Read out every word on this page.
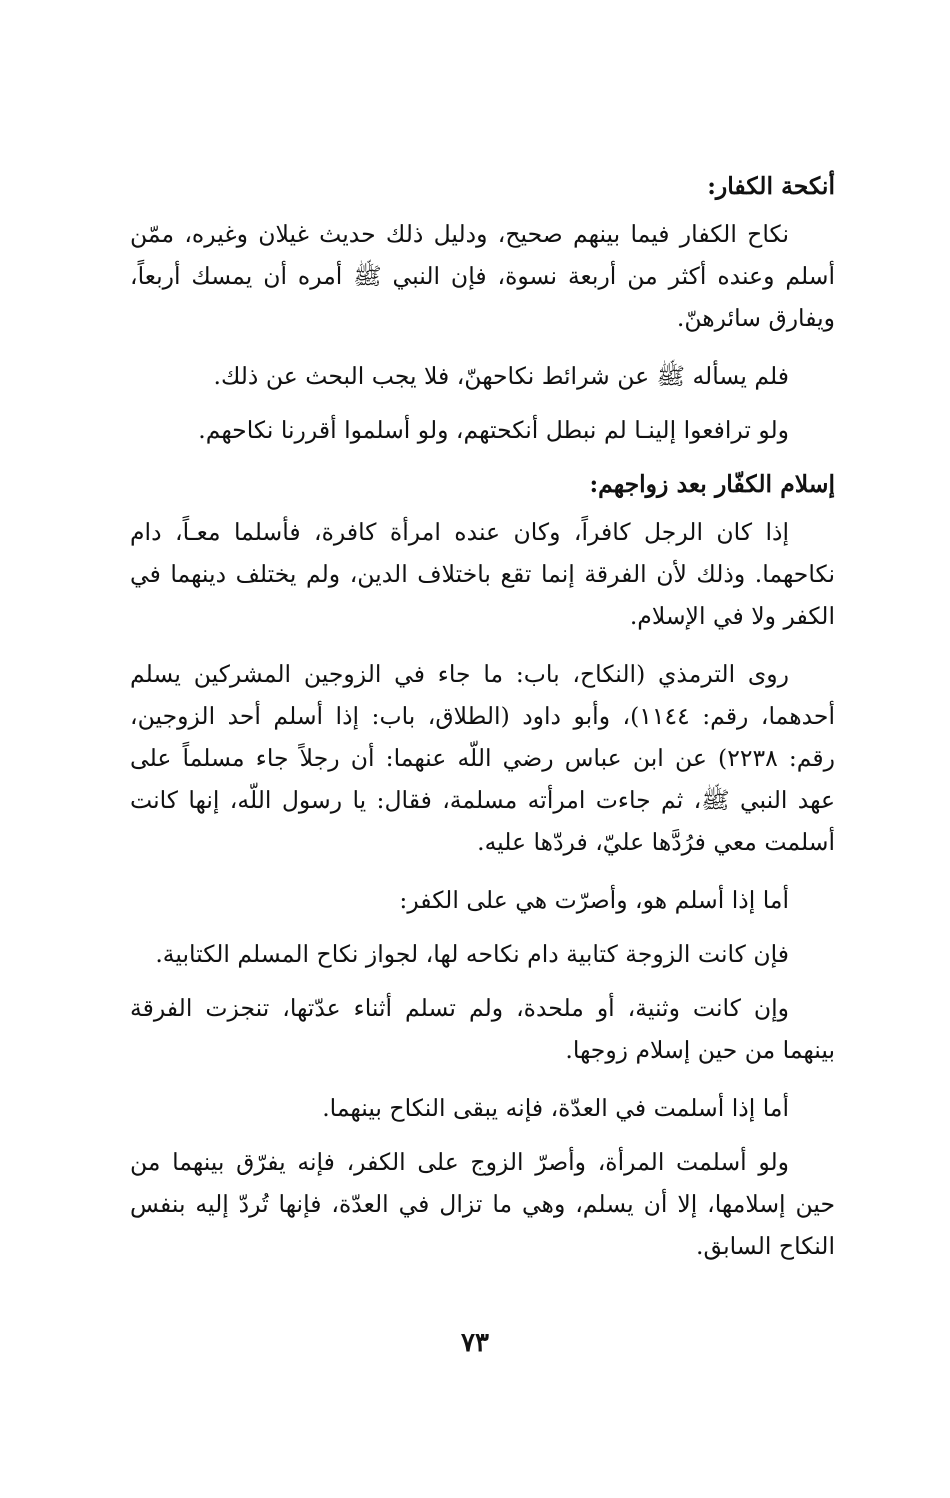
أنكحة الكفار:

نكاح الكفار فيما بينهم صحيح، ودليل ذلك حديث غيلان وغيره، ممّن أسلم وعنده أكثر من أربعة نسوة، فإن النبي ﷺ أمره أن يمسك أربعاً، ويفارق سائرهنّ.

فلم يسأله ﷺ عن شرائط نكاحهنّ، فلا يجب البحث عن ذلك.

ولو ترافعوا إلينـا لم نبطل أنكحتهم، ولو أسلموا أقررنا نكاحهم.

إسلام الكفّار بعد زواجهم:

إذا كان الرجل كافراً، وكان عنده امرأة كافرة، فأسلما معـاً، دام نكاحهما. وذلك لأن الفرقة إنما تقع باختلاف الدين، ولم يختلف دينهما في الكفر ولا في الإسلام.

روى الترمذي (النكاح، باب: ما جاء في الزوجين المشركين يسلم أحدهما، رقم: ١١٤٤)، وأبو داود (الطلاق، باب: إذا أسلم أحد الزوجين، رقم: ٢٢٣٨) عن ابن عباس رضي اللّه عنهما: أن رجلاً جاء مسلماً على عهد النبي ﷺ، ثم جاءت امرأته مسلمة، فقال: يا رسول اللّه، إنها كانت أسلمت معي فرُدَّها عليّ، فردّها عليه.

أما إذا أسلم هو، وأصرّت هي على الكفر:

فإن كانت الزوجة كتابية دام نكاحه لها، لجواز نكاح المسلم الكتابية.

وإن كانت وثنية، أو ملحدة، ولم تسلم أثناء عدّتها، تنجزت الفرقة بينهما من حين إسلام زوجها.

أما إذا أسلمت في العدّة، فإنه يبقى النكاح بينهما.

ولو أسلمت المرأة، وأصرّ الزوج على الكفر، فإنه يفرّق بينهما من حين إسلامها، إلا أن يسلم، وهي ما تزال في العدّة، فإنها تُردّ إليه بنفس النكاح السابق.

٧٣
